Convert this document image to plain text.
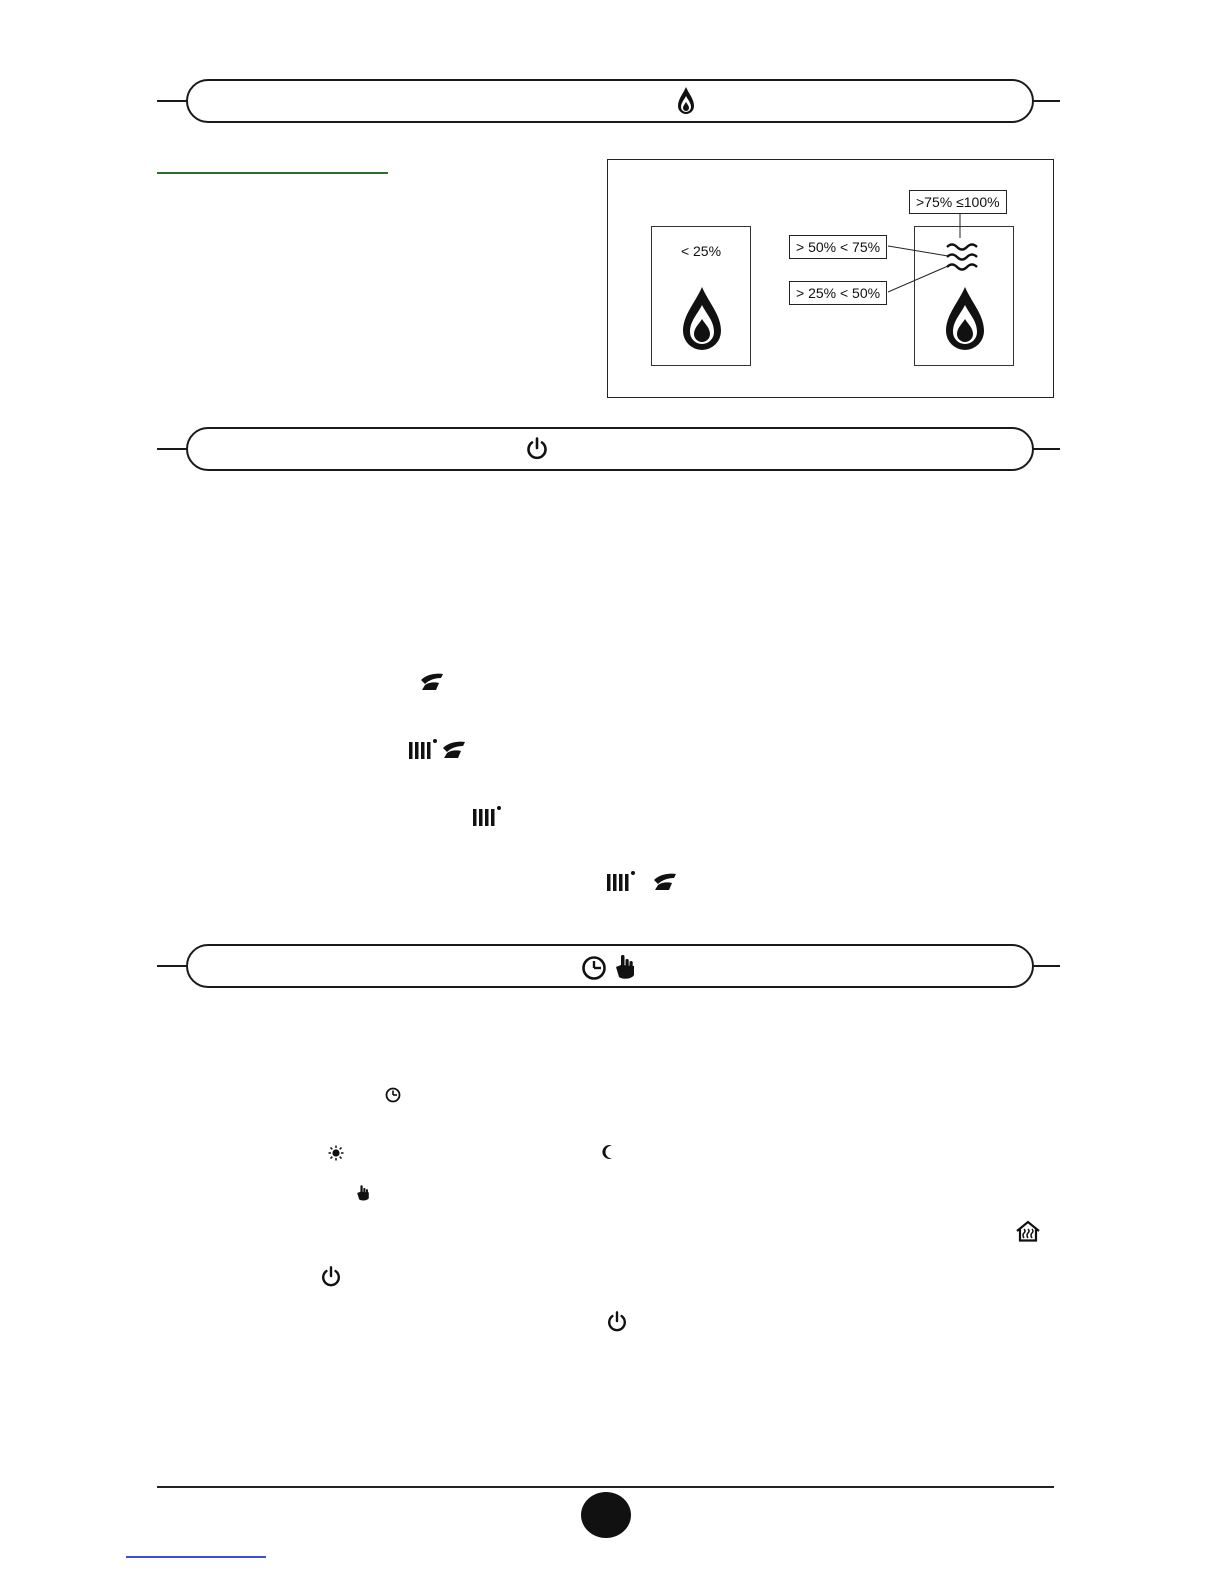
< 25%
>75% ≤100%
> 50% < 75%
> 25% < 50%
